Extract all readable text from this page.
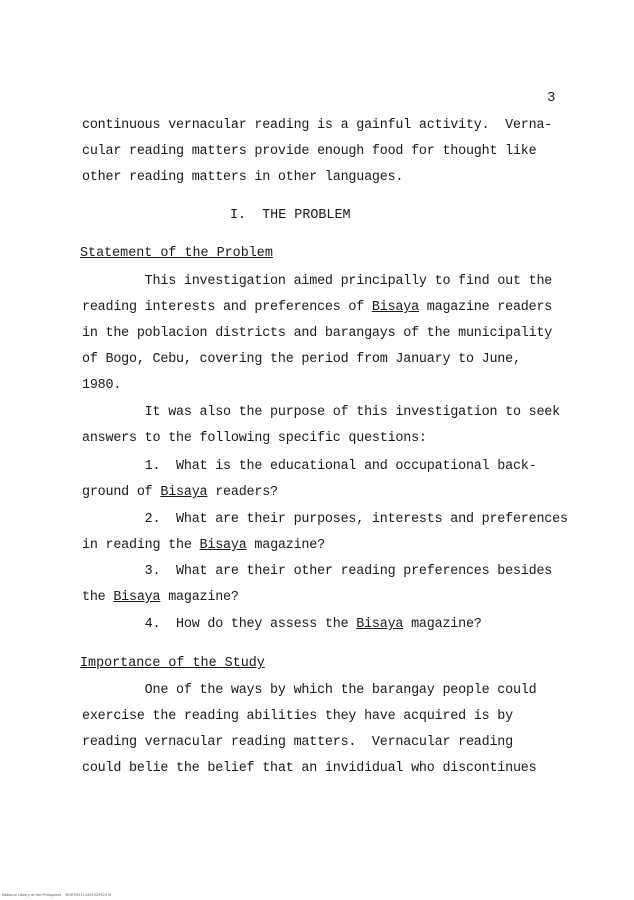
3
continuous vernacular reading is a gainful activity.  Verna-
cular reading matters provide enough food for thought like
other reading matters in other languages.
I.  THE PROBLEM
Statement of the Problem
This investigation aimed principally to find out the
reading interests and preferences of Bisaya magazine readers
in the poblacion districts and barangays of the municipality
of Bogo, Cebu, covering the period from January to June,
1980.
It was also the purpose of this investigation to seek
answers to the following specific questions:
1.  What is the educational and occupational back-
ground of Bisaya readers?
2.  What are their purposes, interests and preferences
in reading the Bisaya magazine?
3.  What are their other reading preferences besides
the Bisaya magazine?
4.  How do they assess the Bisaya magazine?
Importance of the Study
One of the ways by which the barangay people could
exercise the reading abilities they have acquired is by
reading vernacular reading matters.  Vernacular reading
could belie the belief that an invididual who discontinues
National Library of the Philippines    ROXTM2114491329523 III
